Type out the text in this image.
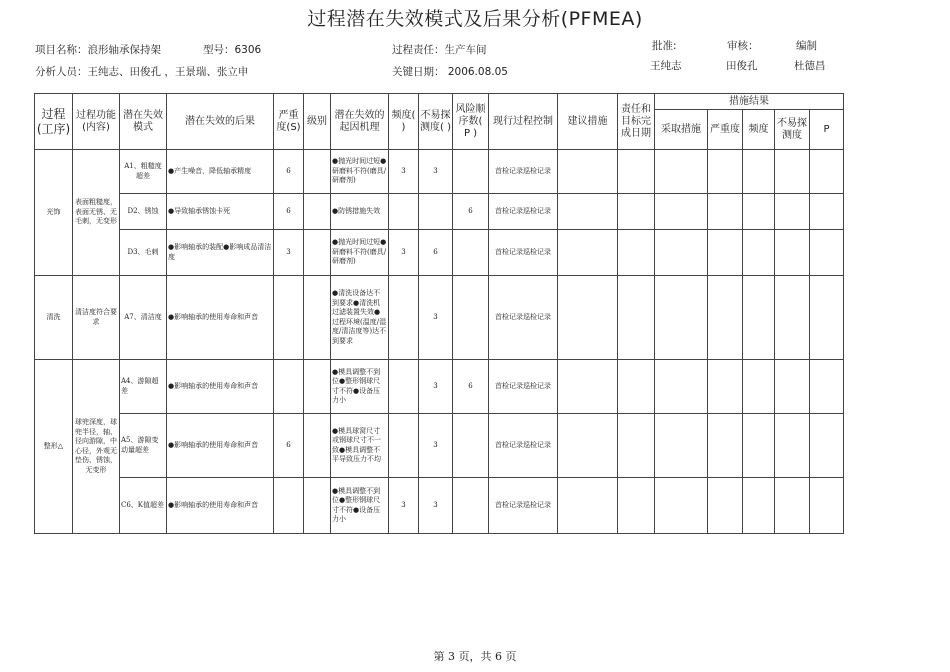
过程潜在失效模式及后果分析(PFMEA)
项目名称：浪形轴承保持架	型号：6306	过程责任：生产车间	批准:	审核：	编制
分析人员：王纯志、田俊孔 ，王景瑞、张立申	关键日期： 2006.08.05	王纯志	田俊孔	杜德昌
过程(工序)	过程功能(内容)	潜在失效模式	潜在失效的后果	严重度(S)	级别	潜在失效的起因机理	频度( )	不易探测度( )	风险顺序数( P )	现行过程控制	建议措施	责任和目标完成日期	措施结果				
													采取措施	严重度	频度	不易探测度	P
光饰	表面粗糙度，表面无锈、无毛刺，无变形	A1、粗糙度超差	●产生噪音，降低轴承精度	6		●抛光时间过短●研磨料不符(磨具/研磨剂)	3	3		首检记录巡检记录							
		D2、锈蚀	●导致轴承锈蚀卡死	6		●防锈措施失效			6	首检记录巡检记录							
		D3、毛刺	●影响轴承的装配●影响成品清洁度	3		●抛光时间过短●研磨料不符(磨具/研磨剂)	3	6		首检记录巡检记录							
清洗	清洁度符合要求	A7、清洁度	●影响轴承的使用寿命和声音			●清洗设备达不到要求●清洗机过滤装置失效●过程环境(温度/湿度/清洁度等)达不到要求		3		首检记录巡检记录							
整形△	球兜深度，球兜半径，轴、径向游隙，中心径，外观无垫伤、锈蚀，无变形	A4、游隙超差	●影响轴承的使用寿命和声音			●模具调整不到位●整形钢球尺寸不符●设备压力小		3	6	首检记录巡检记录							
		A5、游隙变动量超差	●影响轴承的使用寿命和声音	6		●模具球窝尺寸或钢球尺寸不一致●模具调整不平导致压力不均		3		首检记录巡检记录							
		C6、K值超差	●影响轴承的使用寿命和声音			●模具调整不到位●整形钢球尺寸不符●设备压力小	3	3		首检记录巡检记录							
第 3 页，共 6 页
